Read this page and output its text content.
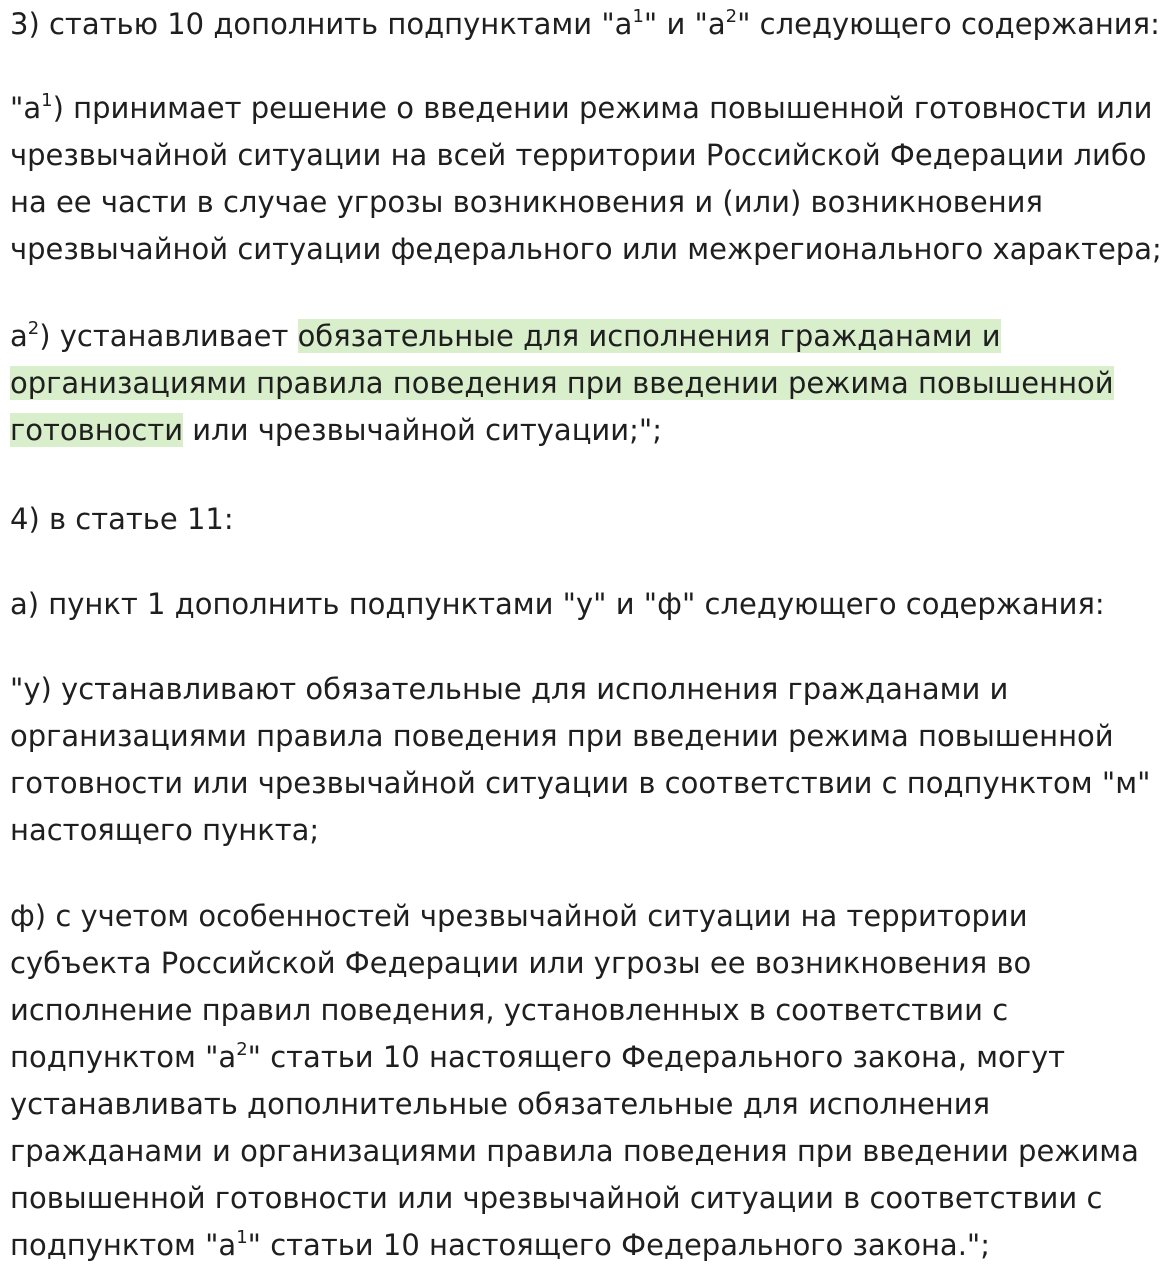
3) статью 10 дополнить подпунктами "$а^1$" и "$а^2$" следующего содержания:

"$а^1$) принимает решение о введении режима повышенной готовности или чрезвычайной ситуации на всей территории Российской Федерации либо на ее части в случае угрозы возникновения и (или) возникновения чрезвычайной ситуации федерального или межрегионального характера;

$а^2$) устанавливает обязательные для исполнения гражданами и организациями правила поведения при введении режима повышенной готовности или чрезвычайной ситуации;";

4) в статье 11:

а) пункт 1 дополнить подпунктами "у" и "ф" следующего содержания:

"у) устанавливают обязательные для исполнения гражданами и организациями правила поведения при введении режима повышенной готовности или чрезвычайной ситуации в соответствии с подпунктом "м" настоящего пункта;

ф) с учетом особенностей чрезвычайной ситуации на территории субъекта Российской Федерации или угрозы ее возникновения во исполнение правил поведения, установленных в соответствии с подпунктом "$а^2$" статьи 10 настоящего Федерального закона, могут устанавливать дополнительные обязательные для исполнения гражданами и организациями правила поведения при введении режима повышенной готовности или чрезвычайной ситуации в соответствии с подпунктом "$а^1$" статьи 10 настоящего Федерального закона.";
